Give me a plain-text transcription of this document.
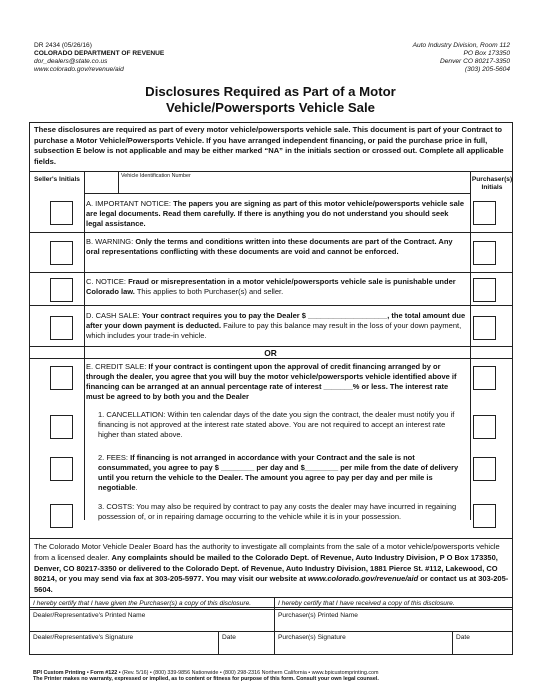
DR 2434 (05/26/16)
COLORADO DEPARTMENT OF REVENUE
dor_dealers@state.co.us
www.colorado.gov/revenue/aid
Auto Industry Division, Room 112
PO Box 173350
Denver CO 80217-3350
(303) 205-5604
Disclosures Required as Part of a Motor
Vehicle/Powersports Vehicle Sale
These disclosures are required as part of every motor vehicle/powersports vehicle sale. This document is part of your Contract to purchase a Motor Vehicle/Powersports Vehicle. If you have arranged independent financing, or paid the purchase price in full, subsection E below is not applicable and may be either marked “NA” in the initials section or crossed out. Complete all applicable fields.
Seller's Initials	Vehicle Identification Number	Purchaser(s) Initials
A. IMPORTANT NOTICE: The papers you are signing as part of this motor vehicle/powersports vehicle sale are legal documents. Read them carefully. If there is anything you do not understand you should seek legal assistance.
B. WARNING: Only the terms and conditions written into these documents are part of the Contract. Any oral representations conflicting with these documents are void and cannot be enforced.
C. NOTICE: Fraud or misrepresentation in a motor vehicle/powersports vehicle sale is punishable under Colorado law. This applies to both Purchaser(s) and seller.
D. CASH SALE: Your contract requires you to pay the Dealer $ ___________________, the total amount due after your down payment is deducted. Failure to pay this balance may result in the loss of your down payment, which includes your trade-in vehicle.
OR
E. CREDIT SALE: If your contract is contingent upon the approval of credit financing arranged by or through the dealer, you agree that you will buy the motor vehicle/powersports vehicle identified above if financing can be arranged at an annual percentage rate of interest _______% or less. The interest rate must be agreed to by both you and the Dealer
1. CANCELLATION: Within ten calendar days of the date you sign the contract, the dealer must notify you if financing is not approved at the interest rate stated above. You are not required to accept an interest rate higher than stated above.
2. FEES: If financing is not arranged in accordance with your Contract and the sale is not consummated, you agree to pay $ ________ per day and $________ per mile from the date of delivery until you return the vehicle to the Dealer. The amount you agree to pay per day and per mile is negotiable.
3. COSTS: You may also be required by contract to pay any costs the dealer may have incurred in regaining possession of, or in repairing damage occurring to the vehicle while it is in your possession.
The Colorado Motor Vehicle Dealer Board has the authority to investigate all complaints from the sale of a motor vehicle/powersports vehicle from a licensed dealer. Any complaints should be mailed to the Colorado Dept. of Revenue, Auto Industry Division, P O Box 173350, Denver, CO 80217-3350 or delivered to the Colorado Dept. of Revenue, Auto Industry Division, 1881 Pierce St. #112, Lakewood, CO 80214, or you may send via fax at 303-205-5977. You may visit our website at www.colorado.gov/revenue/aid or contact us at 303-205-5604.
I hereby certify that I have given the Purchaser(s) a copy of this disclosure.	I hereby certify that I have received a copy of this disclosure.
Dealer/Representative's Printed Name	Purchaser(s) Printed Name
Dealer/Representative's Signature	Date	Purchaser(s) Signature	Date
BPI Custom Printing • Form #122 • (Rev. 5/16) • (800) 339-9856 Nationwide • (800) 298-2316 Northern California • www.bpicustomprinting.com
The Printer makes no warranty, expressed or implied, as to content or fitness for purpose of this form. Consult your own legal counsel.
